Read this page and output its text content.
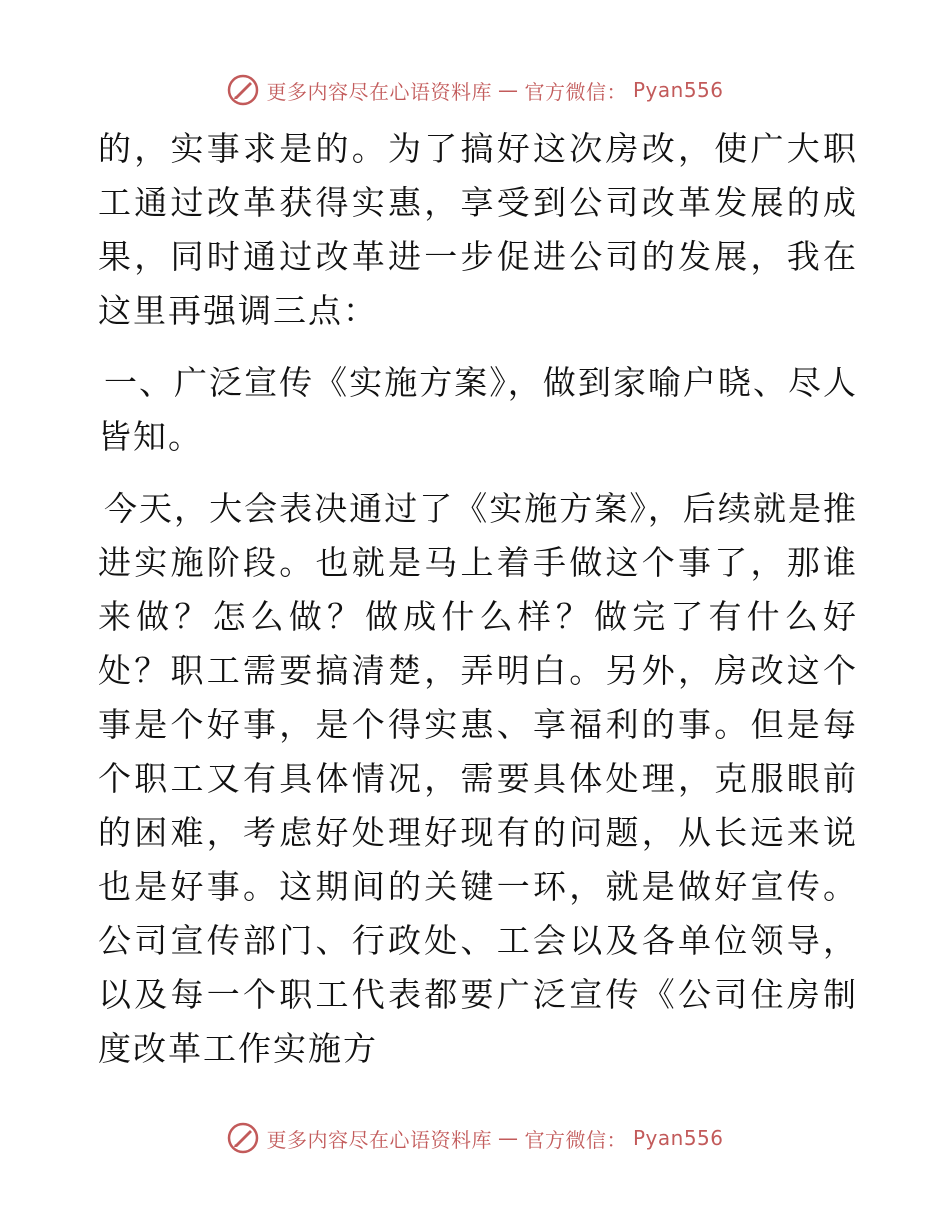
更多内容尽在心语资料库 — 官方微信： Pyan556

的，实事求是的。为了搞好这次房改，使广大职工通过改革获得实惠，享受到公司改革发展的成果，同时通过改革进一步促进公司的发展，我在这里再强调三点：

一、广泛宣传《实施方案》，做到家喻户晓、尽人皆知。

今天，大会表决通过了《实施方案》，后续就是推进实施阶段。也就是马上着手做这个事了，那谁来做？怎么做？做成什么样？做完了有什么好处？职工需要搞清楚，弄明白。另外，房改这个事是个好事，是个得实惠、享福利的事。但是每个职工又有具体情况，需要具体处理，克服眼前的困难，考虑好处理好现有的问题，从长远来说也是好事。这期间的关键一环，就是做好宣传。公司宣传部门、行政处、工会以及各单位领导，以及每一个职工代表都要广泛宣传《公司住房制度改革工作实施方

更多内容尽在心语资料库 — 官方微信： Pyan556
